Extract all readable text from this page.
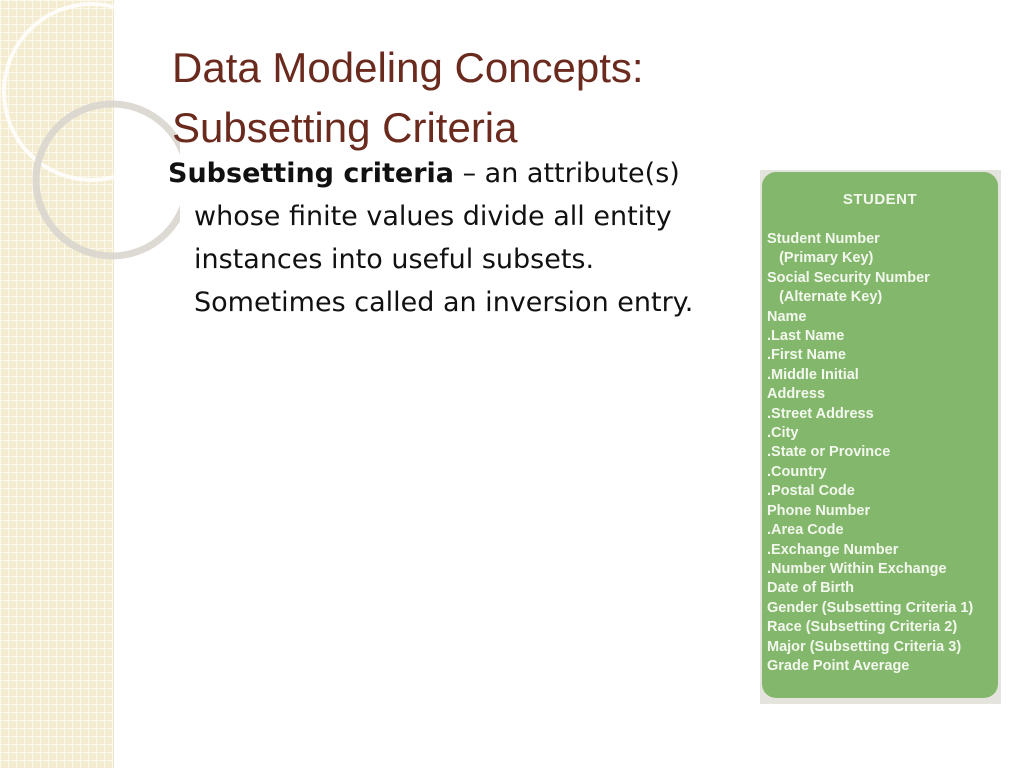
Data Modeling Concepts:
Subsetting Criteria

Subsetting criteria – an attribute(s) whose finite values divide all entity instances into useful subsets. Sometimes called an inversion entry.

STUDENT
Student Number
(Primary Key)
Social Security Number
(Alternate Key)
Name
.Last Name
.First Name
.Middle Initial
Address
.Street Address
.City
.State or Province
.Country
.Postal Code
Phone Number
.Area Code
.Exchange Number
.Number Within Exchange
Date of Birth
Gender (Subsetting Criteria 1)
Race (Subsetting Criteria 2)
Major (Subsetting Criteria 3)
Grade Point Average
